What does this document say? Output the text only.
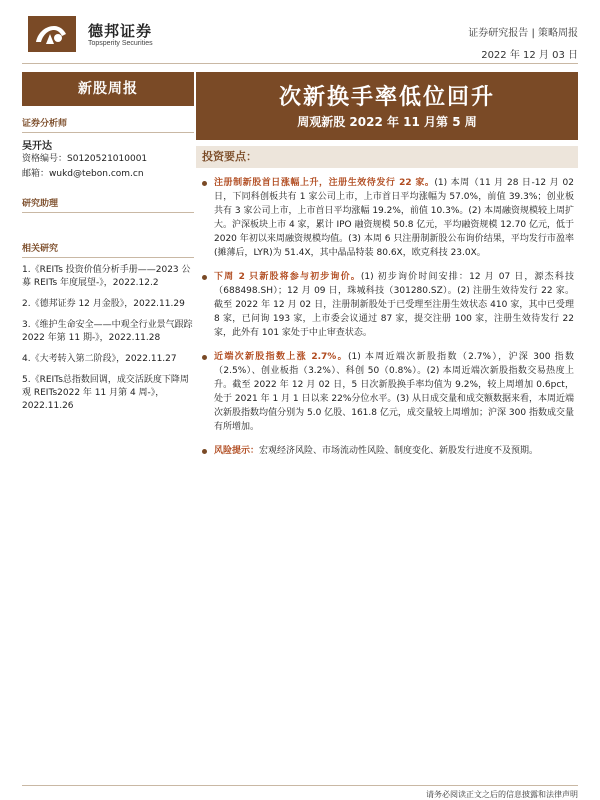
德邦证券
Topsperity Securities
证券研究报告 | 策略周报
2022 年 12 月 03 日
新股周报	次新换手率低位回升
周观新股 2022 年 11 月第 5 周
证券分析师
吴开达
资格编号：S0120521010001
邮箱：wukd@tebon.com.cn
研究助理
相关研究
1.《REITs 投资价值分析手册——2023 公募 REITs 年度展望-》，2022.12.2
2.《德邦证券 12 月金股》，2022.11.29
3.《维护生命安全——中观全行业景气跟踪 2022 年第 11 期-》，2022.11.28
4.《大考转入第二阶段》，2022.11.27
5.《REITs总指数回调，成交活跃度下降周观 REITs2022 年 11 月第 4 周-》，2022.11.26
投资要点：
注册制新股首日涨幅上升，注册生效待发行 22 家。(1) 本周（11 月 28 日-12 月 02 日，下同科创板共有 1 家公司上市，上市首日平均涨幅为 57.0%，前值 39.3%；创业板共有 3 家公司上市，上市首日平均涨幅 19.2%，前值 10.3%。(2) 本周融资规模较上周扩大。沪深板块上市 4 家，累计 IPO 融资规模 50.8 亿元，平均融资规模 12.70 亿元，低于 2020 年初以来周融资规模均值。(3) 本周 6 只注册制新股公布询价结果，平均发行市盈率(摊薄后，LYR)为 51.4X，其中晶品特装 80.6X，欧克科技 23.0X。
下周 2 只新股将参与初步询价。(1) 初步询价时间安排：12 月 07 日，源杰科技（688498.SH）；12 月 09 日，珠城科技（301280.SZ）。(2) 注册生效待发行 22 家。截至 2022 年 12 月 02 日，注册制新股处于已受理至注册生效状态 410 家，其中已受理 8 家，已问询 193 家，上市委会议通过 87 家，提交注册 100 家，注册生效待发行 22 家，此外有 101 家处于中止审查状态。
近端次新股指数上涨 2.7%。(1) 本周近端次新股指数（2.7%），沪深 300 指数（2.5%）、创业板指（3.2%）、科创 50（0.8%）。(2) 本周近端次新股指数交易热度上升。截至 2022 年 12 月 02 日，5 日次新股换手率均值为 9.2%，较上周增加 0.6pct，处于 2021 年 1 月 1 日以来 22%分位水平。(3) 从日成交量和成交额数据来看，本周近端次新股指数均值分别为 5.0 亿股、161.8 亿元，成交量较上周增加；沪深 300 指数成交量有所增加。
风险提示：宏观经济风险、市场流动性风险、制度变化、新股发行进度不及预期。
请务必阅读正文之后的信息披露和法律声明
